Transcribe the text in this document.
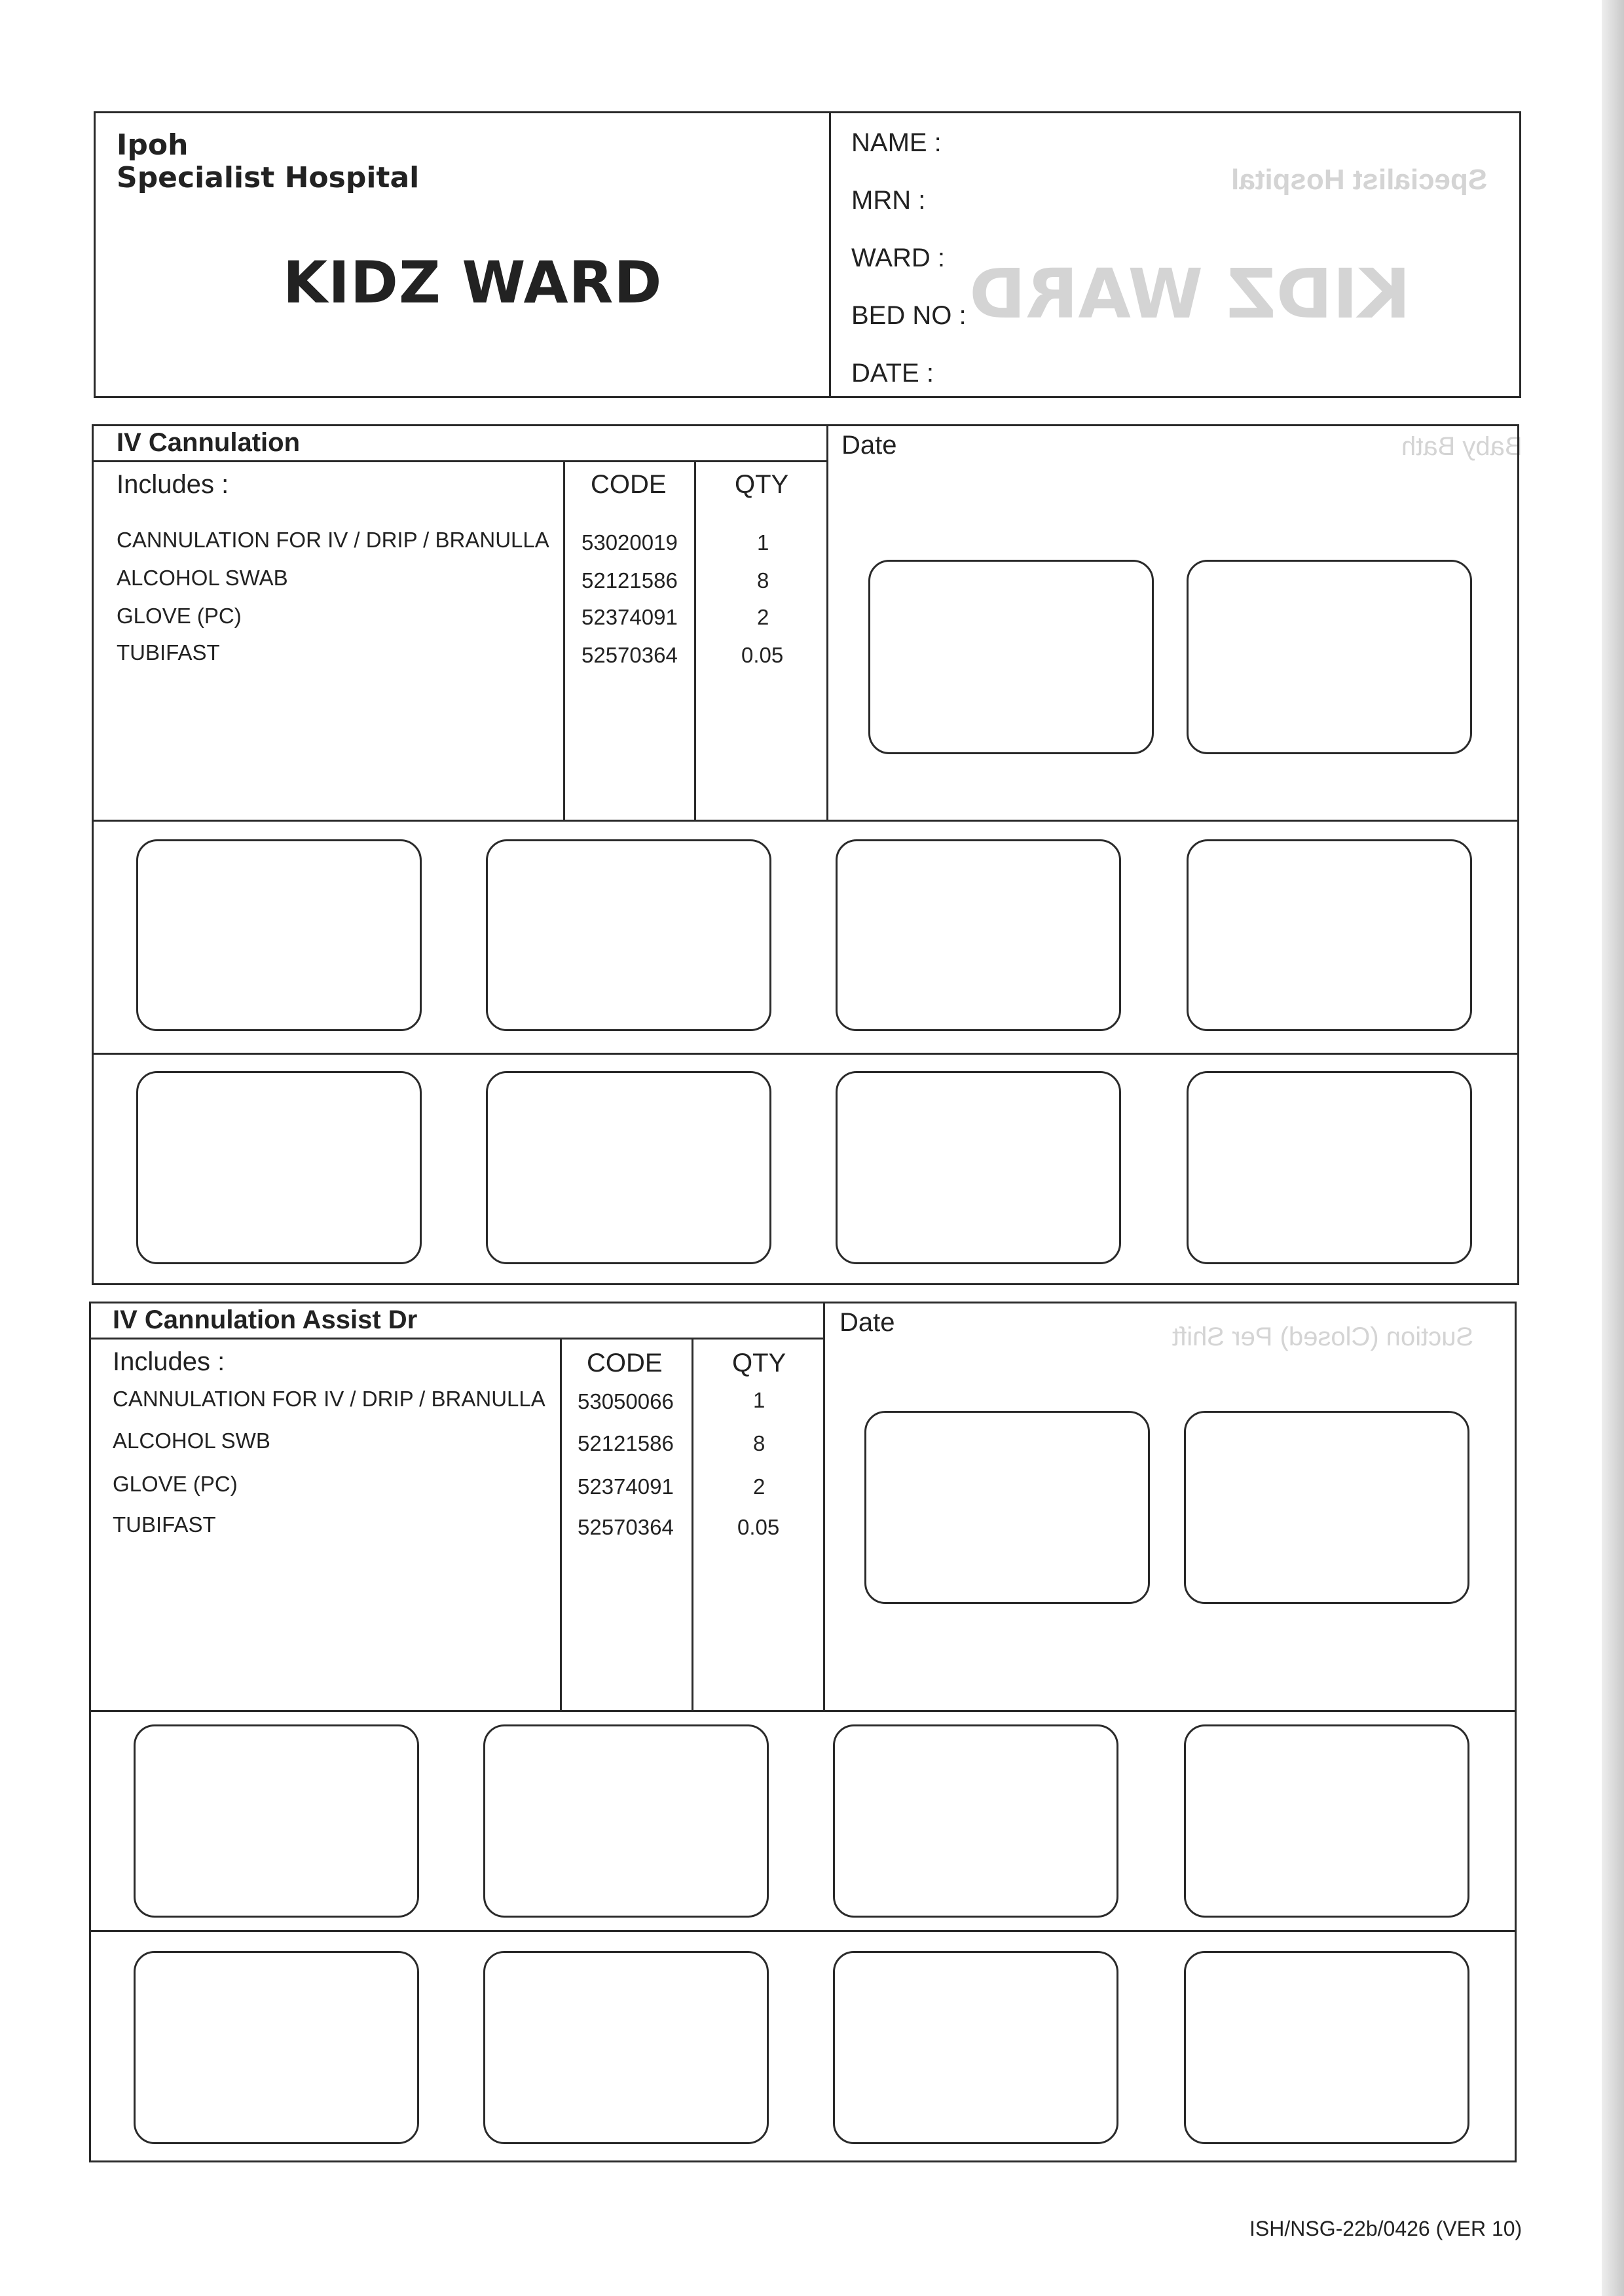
KIDZ WARD
Specialist Hospital
Baby Bath
Suction (Closed) Per Shift
Ipoh
Specialist Hospital
KIDZ WARD
NAME :
MRN :
WARD :
BED NO :
DATE :
IV Cannulation	Date
Includes :	CODE	QTY
CANNULATION FOR IV / DRIP / BRANULLA 53020019	1
ALCOHOL SWAB	52121586	8
GLOVE (PC)	52374091	2
TUBIFAST	52570364	0.05
IV Cannulation Assist Dr	Date
Includes :	CODE	QTY
CANNULATION FOR IV / DRIP / BRANULLA 53050066	1
ALCOHOL SWB	52121586	8
GLOVE (PC)	52374091	2
TUBIFAST	52570364	0.05
ISH/NSG-22b/0426 (VER 10)
